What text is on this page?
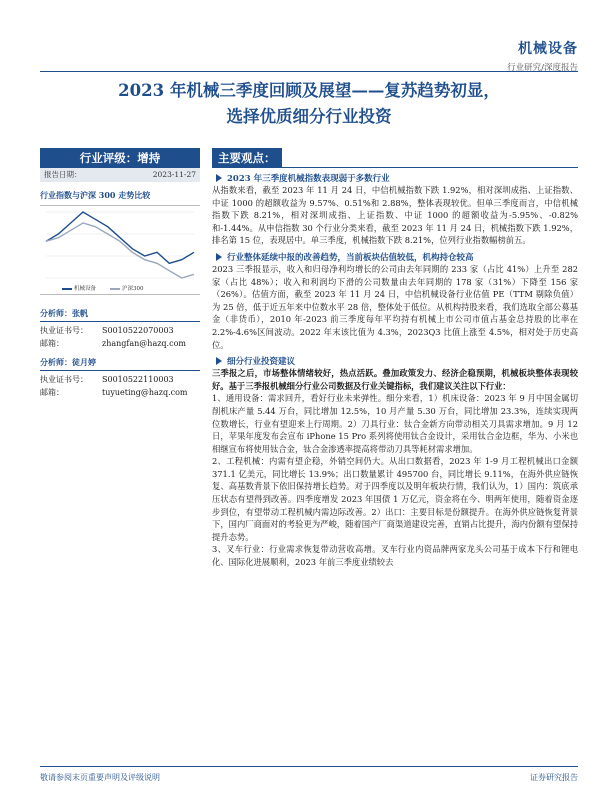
机械设备
行业研究/深度报告
2023 年机械三季度回顾及展望——复苏趋势初显，
选择优质细分行业投资
行业评级：增持
报告日期：	2023-11-27
行业指数与沪深 300 走势比较
机械设备	沪深300
分析师：张帆
执业证书号：	S0010522070003
邮箱：	zhangfan@hazq.com
分析师：徒月婷
执业证书号：	S0010522110003
邮箱：	tuyueting@hazq.com
主要观点：
2023 年三季度机械指数表现弱于多数行业

从指数来看，截至 2023 年 11 月 24 日，中信机械指数下跌 1.92%，相对深圳成指、上证指数、中证 1000 的超额收益为 9.57%、0.51%和 2.88%，整体表现较优。但单三季度而言，中信机械指数下跌 8.21%，相对深圳成指、上证指数、中证 1000 的超额收益为-5.95%、-0.82%和-1.44%。从申信指数 30 个行业分类来看，截至 2023 年 11 月 24 日，机械指数下跌 1.92%，排名第 15 位，表现居中。单三季度，机械指数下跌 8.21%，位列行业指数幅榜前五。

行业整体延续中报的改善趋势，当前板块估值较低，机构持仓较高

2023 三季报显示，收入和归母净利均增长的公司由去年同期的 233 家（占比 41%）上升至 282 家（占比 48%）；收入和利润均下滑的公司数量由去年同期的 178 家（31%）下降至 156 家（26%）。估值方面，截至 2023 年 11 月 24 日，中信机械设备行业估值 PE（TTM 剔除负值）为 25 倍，低于近五年来中位数水平 28 倍，整体处于低位。从机构持股来看，我们选取全部公募基金（非货币），2010 年-2023 前三季度每年平均持有机械上市公司市值占基金总持股的比率在 2.2%-4.6%区间波动。2022 年末该比值为 4.3%，2023Q3 比值上涨至 4.5%，相对处于历史高位。

细分行业投资建议

三季报之后，市场整体情绪较好，热点活跃。叠加政策发力、经济企稳预期，机械板块整体表现较好。基于三季报机械细分行业公司数据及行业关键指标，我们建议关注以下行业：

1、通用设备：需求回升，看好行业未来弹性。细分来看，1）机床设备：2023 年 9 月中国金属切削机床产量 5.44 万台，同比增加 12.5%，10 月产量 5.30 万台，同比增加 23.3%，连续实现两位数增长，行业有望迎来上行周期。2）刀具行业：钛合金新方向带动相关刀具需求增加。9 月 12 日，苹果年度发布会宣布 iPhone 15 Pro 系列将使用钛合金设计，采用钛合金边框，华为、小米也相继宣布将使用钛合金，钛合金渗透率提高将带动刀具等耗材需求增加。

2、工程机械：内需有望企稳，外销空间仍大。从出口数据看，2023 年 1-9 月工程机械出口金额 371.1 亿美元，同比增长 13.9%；出口数量累计 495700 台，同比增长 9.11%，在海外供应链恢复、高基数背景下依旧保持增长趋势。对于四季度以及明年板块行情，我们认为，1）国内：筑底承压状态有望得到改善。四季度增发 2023 年国债 1 万亿元，资金将在今、明两年使用，随着资金逐步到位，有望带动工程机械内需边际改善。2）出口：主要目标是份额提升。在海外供应链恢复背景下，国内厂商面对的考验更为严峻，随着国产厂商渠道建设完善，直销占比提升，海内份额有望保持提升态势。

3、叉车行业：行业需求恢复带动营收高增。叉车行业内资品牌两家龙头公司基于成本下行和锂电化、国际化进展顺利，2023 年前三季度业绩较去

敬请参阅末页重要声明及评级说明	证券研究报告
